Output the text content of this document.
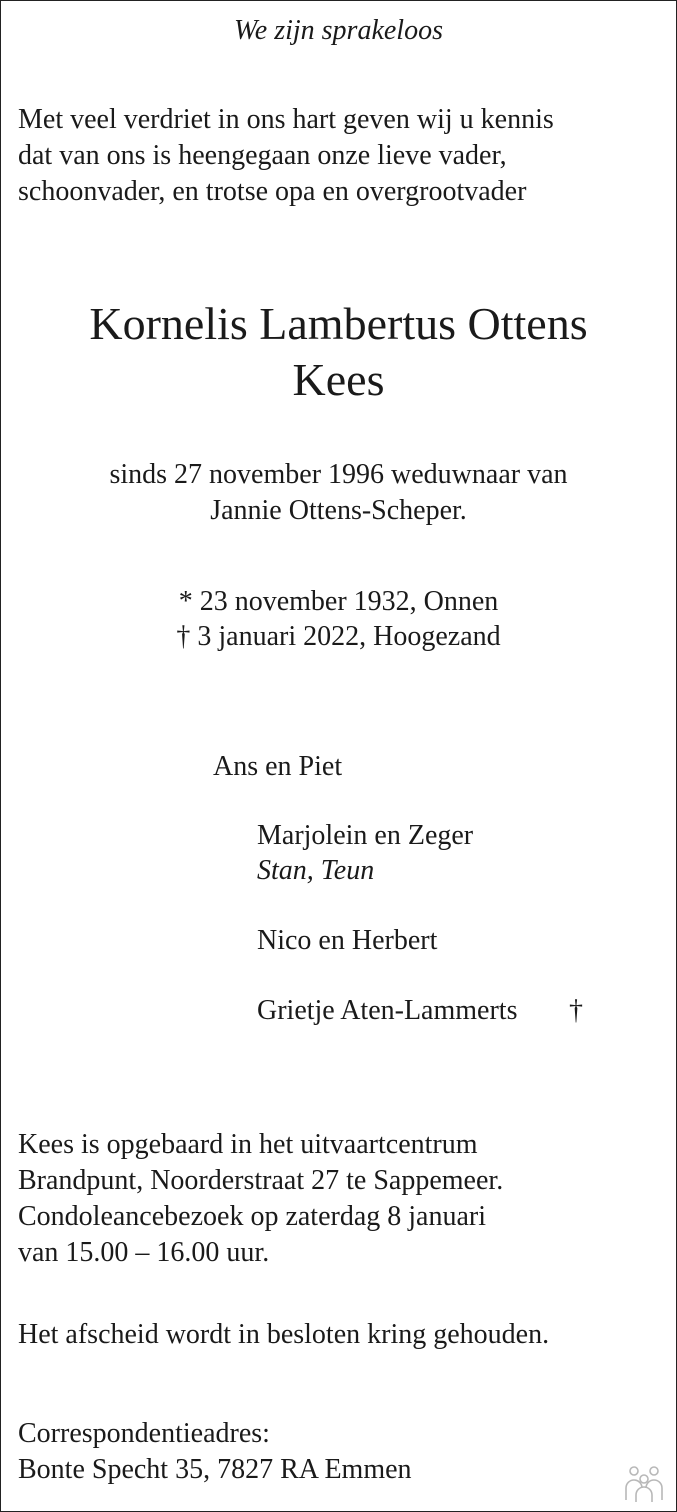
We zijn sprakeloos

Met veel verdriet in ons hart geven wij u kennis

dat van ons is heengegaan onze lieve vader,

schoonvader, en trotse opa en overgrootvader

Kornelis Lambertus Ottens

Kees

sinds 27 november 1996 weduwnaar van

Jannie Ottens-Scheper.

* 23 november 1932, Onnen

† 3 januari 2022, Hoogezand

Ans en Piet

Marjolein en Zeger

Stan, Teun

Nico en Herbert

Grietje Aten-Lammerts †

Kees is opgebaard in het uitvaartcentrum

Brandpunt, Noorderstraat 27 te Sappemeer.

Condoleancebezoek op zaterdag 8 januari

van 15.00 – 16.00 uur.

Het afscheid wordt in besloten kring gehouden.

Correspondentieadres:

Bonte Specht 35, 7827 RA Emmen
